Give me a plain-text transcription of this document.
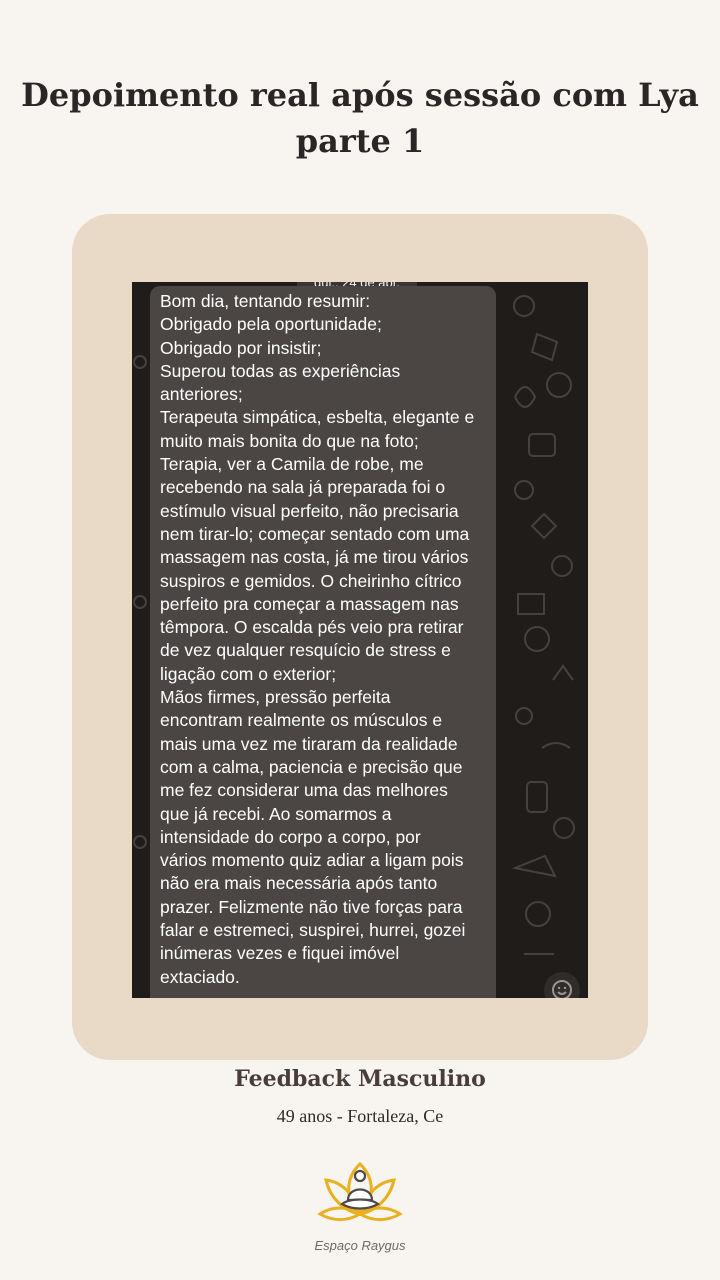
Depoimento real após sessão com Lya
parte 1
Bom dia, tentando resumir:
Obrigado pela oportunidade;
Obrigado por insistir;
Superou todas as experiências
anteriores;
Terapeuta simpática, esbelta, elegante e
muito mais bonita do que na foto;
Terapia, ver a Camila de robe, me
recebendo na sala já preparada foi o
estímulo visual perfeito, não precisaria
nem tirar-lo; começar sentado com uma
massagem nas costa, já me tirou vários
suspiros e gemidos. O cheirinho cítrico
perfeito pra começar a massagem nas
têmpora. O escalda pés veio pra retirar
de vez qualquer resquício de stress e
ligação com o exterior;
Mãos firmes, pressão perfeita
encontram realmente os músculos e
mais uma vez me tiraram da realidade
com a calma, paciencia e precisão que
me fez considerar uma das melhores
que já recebi. Ao somarmos a
intensidade do corpo a corpo, por
vários momento quiz adiar a ligam pois
não era mais necessária após tanto
prazer. Felizmente não tive forças para
falar e estremeci, suspirei, hurrei, gozei
inúmeras vezes e fiquei imóvel
extaciado.
Feedback Masculino
49 anos - Fortaleza, Ce
Espaço Raygus
